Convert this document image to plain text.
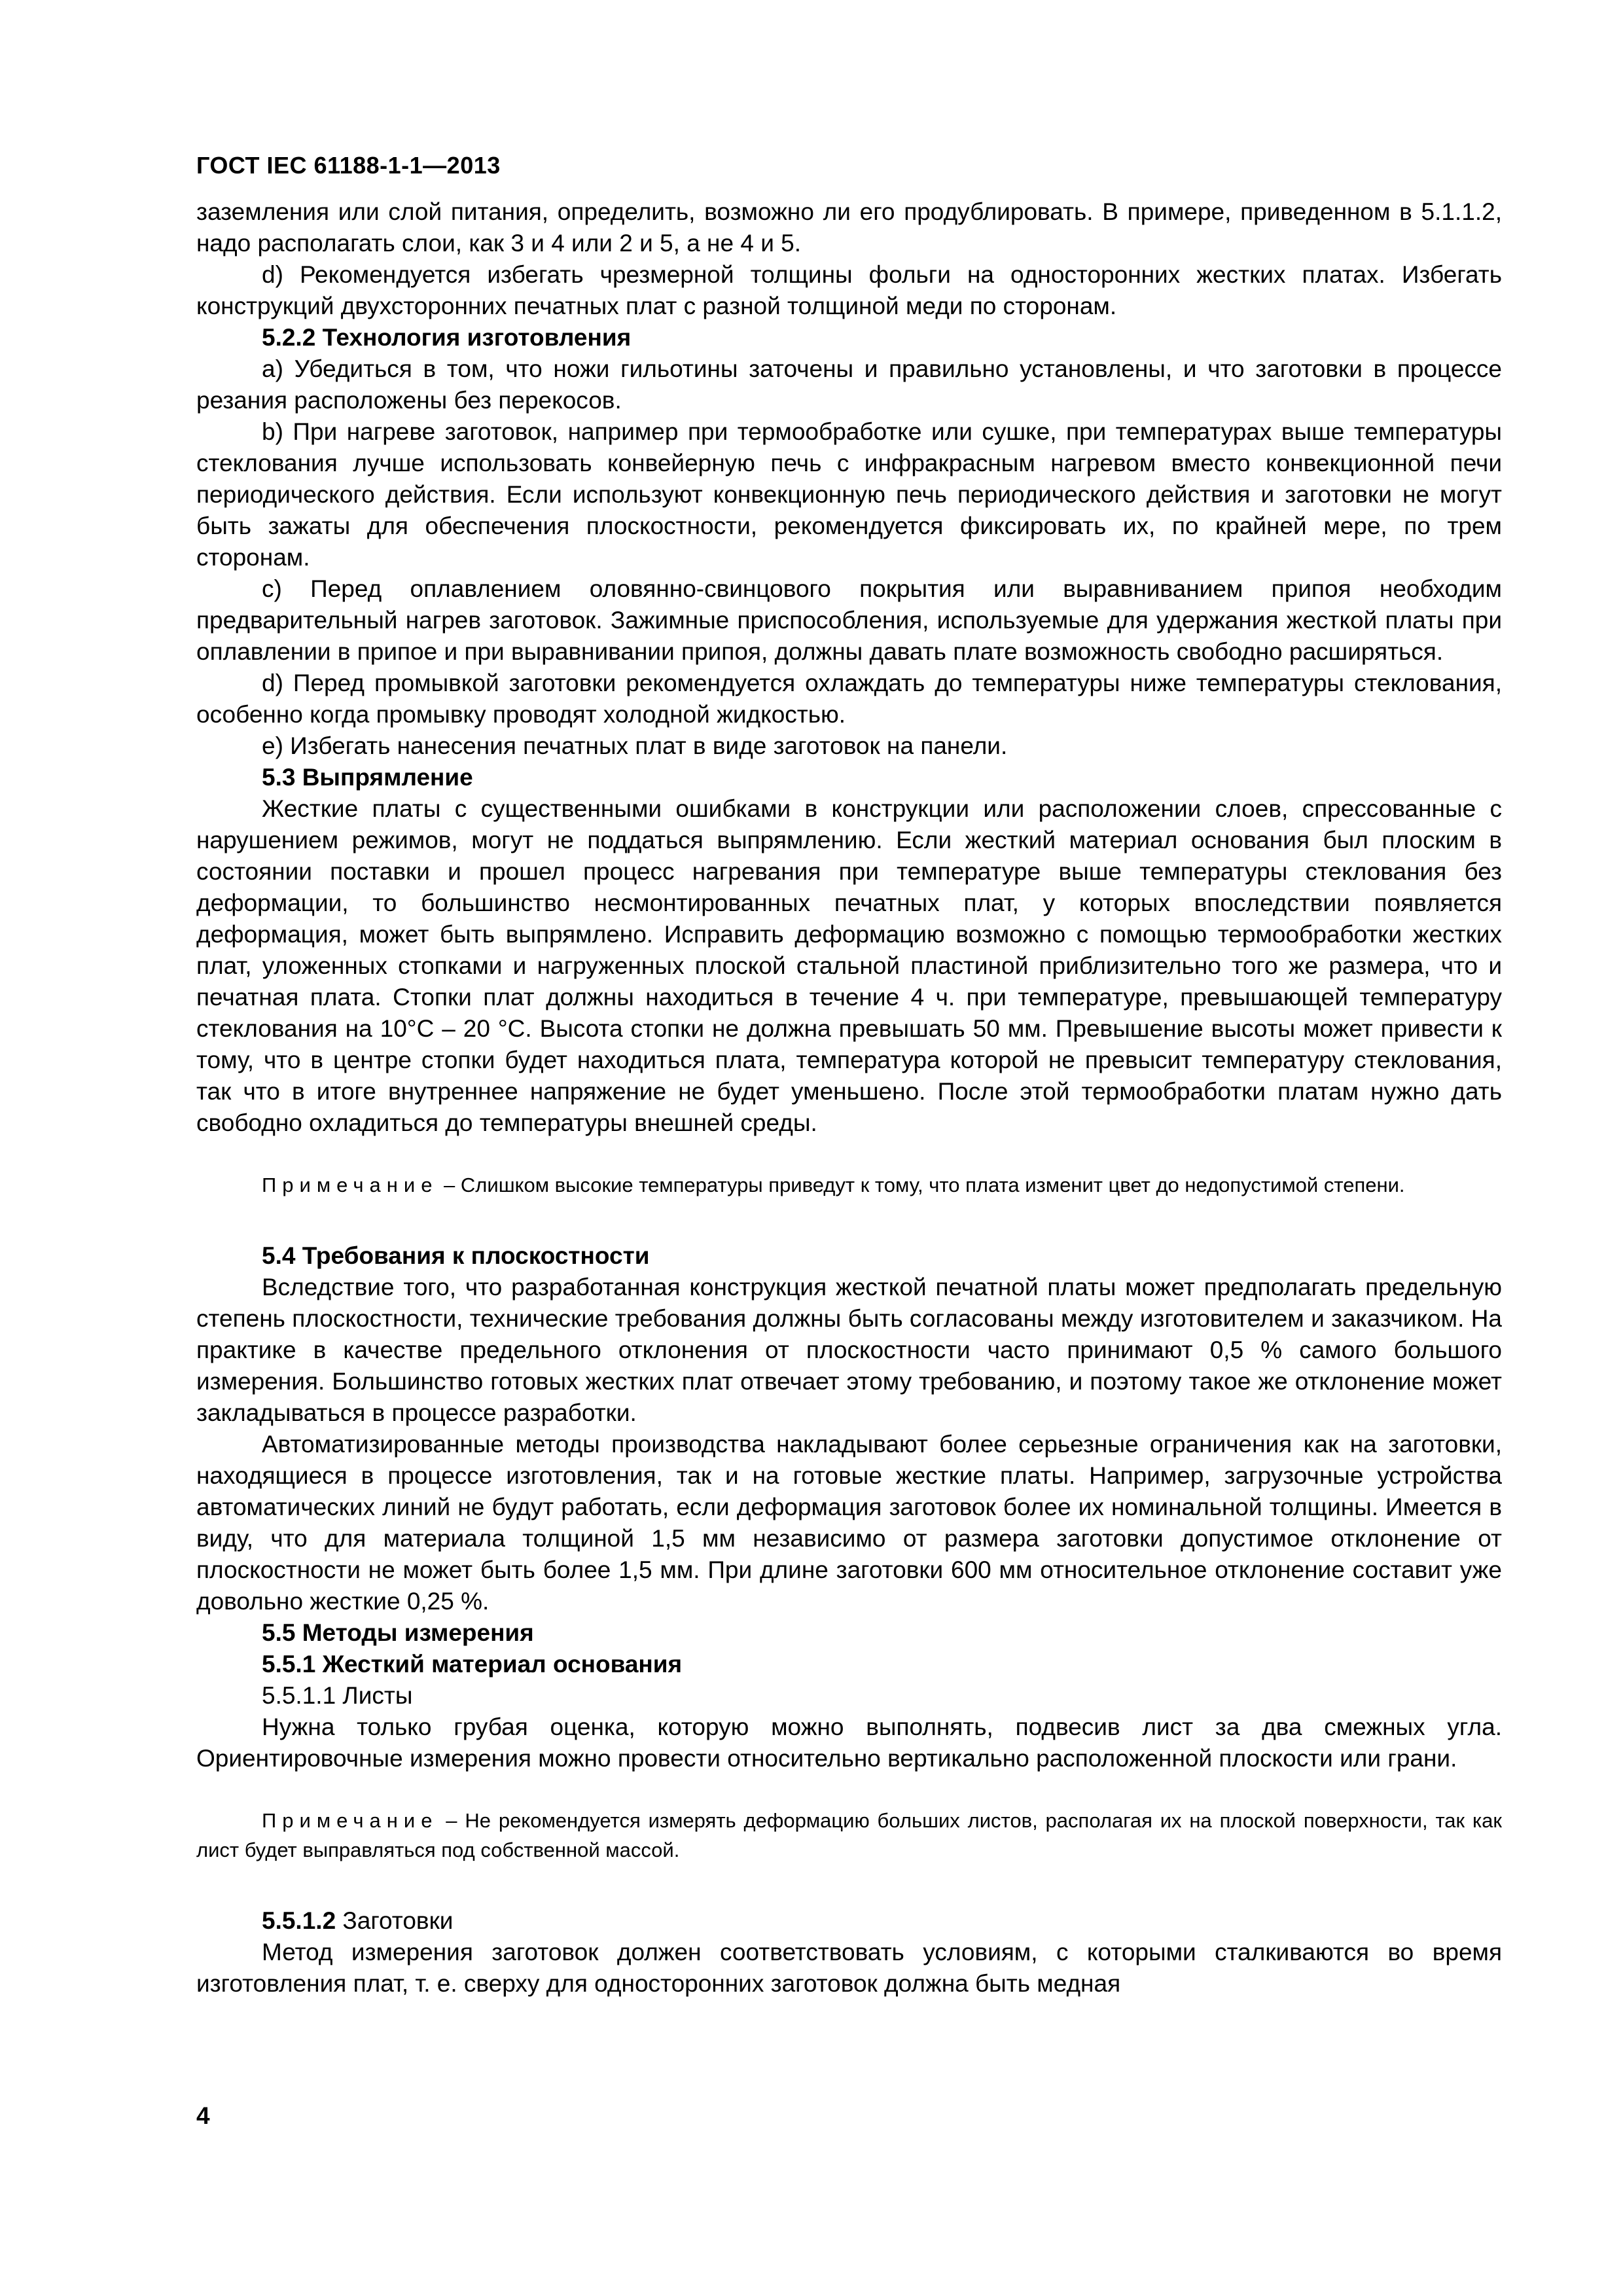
ГОСТ IEC 61188-1-1—2013

заземления или слой питания, определить, возможно ли его продублировать. В примере, приведенном в 5.1.1.2, надо располагать слои, как 3 и 4 или 2 и 5, а не 4 и 5.

d) Рекомендуется избегать чрезмерной толщины фольги на односторонних жестких платах. Избегать конструкций двухсторонних печатных плат с разной толщиной меди по сторонам.

5.2.2 Технология изготовления

a) Убедиться в том, что ножи гильотины заточены и правильно установлены, и что заготовки в процессе резания расположены без перекосов.

b) При нагреве заготовок, например при термообработке или сушке, при температурах выше температуры стеклования лучше использовать конвейерную печь с инфракрасным нагревом вместо конвекционной печи периодического действия. Если используют конвекционную печь периодического действия и заготовки не могут быть зажаты для обеспечения плоскостности, рекомендуется фиксировать их, по крайней мере, по трем сторонам.

c) Перед оплавлением оловянно-свинцового покрытия или выравниванием припоя необходим предварительный нагрев заготовок. Зажимные приспособления, используемые для удержания жесткой платы при оплавлении в припое и при выравнивании припоя, должны давать плате возможность свободно расширяться.

d) Перед промывкой заготовки рекомендуется охлаждать до температуры ниже температуры стеклования, особенно когда промывку проводят холодной жидкостью.

e) Избегать нанесения печатных плат в виде заготовок на панели.

5.3 Выпрямление

Жесткие платы с существенными ошибками в конструкции или расположении слоев, спрессованные с нарушением режимов, могут не поддаться выпрямлению. Если жесткий материал основания был плоским в состоянии поставки и прошел процесс нагревания при температуре выше температуры стеклования без деформации, то большинство несмонтированных печатных плат, у которых впоследствии появляется деформация, может быть выпрямлено. Исправить деформацию возможно с помощью термообработки жестких плат, уложенных стопками и нагруженных плоской стальной пластиной приблизительно того же размера, что и печатная плата. Стопки плат должны находиться в течение 4 ч. при температуре, превышающей температуру стеклования на 10°С – 20 °С. Высота стопки не должна превышать 50 мм. Превышение высоты может привести к тому, что в центре стопки будет находиться плата, температура которой не превысит температуру стеклования, так что в итоге внутреннее напряжение не будет уменьшено. После этой термообработки платам нужно дать свободно охладиться до температуры внешней среды.

Примечание – Слишком высокие температуры приведут к тому, что плата изменит цвет до недопустимой степени.

5.4 Требования к плоскостности

Вследствие того, что разработанная конструкция жесткой печатной платы может предполагать предельную степень плоскостности, технические требования должны быть согласованы между изготовителем и заказчиком. На практике в качестве предельного отклонения от плоскостности часто принимают 0,5 % самого большого измерения. Большинство готовых жестких плат отвечает этому требованию, и поэтому такое же отклонение может закладываться в процессе разработки.

Автоматизированные методы производства накладывают более серьезные ограничения как на заготовки, находящиеся в процессе изготовления, так и на готовые жесткие платы. Например, загрузочные устройства автоматических линий не будут работать, если деформация заготовок более их номинальной толщины. Имеется в виду, что для материала толщиной 1,5 мм независимо от размера заготовки допустимое отклонение от плоскостности не может быть более 1,5 мм. При длине заготовки 600 мм относительное отклонение составит уже довольно жесткие 0,25 %.

5.5 Методы измерения

5.5.1 Жесткий материал основания

5.5.1.1 Листы

Нужна только грубая оценка, которую можно выполнять, подвесив лист за два смежных угла. Ориентировочные измерения можно провести относительно вертикально расположенной плоскости или грани.

Примечание – Не рекомендуется измерять деформацию больших листов, располагая их на плоской поверхности, так как лист будет выправляться под собственной массой.

5.5.1.2 Заготовки

Метод измерения заготовок должен соответствовать условиям, с которыми сталкиваются во время изготовления плат, т. е. сверху для односторонних заготовок должна быть медная

4
